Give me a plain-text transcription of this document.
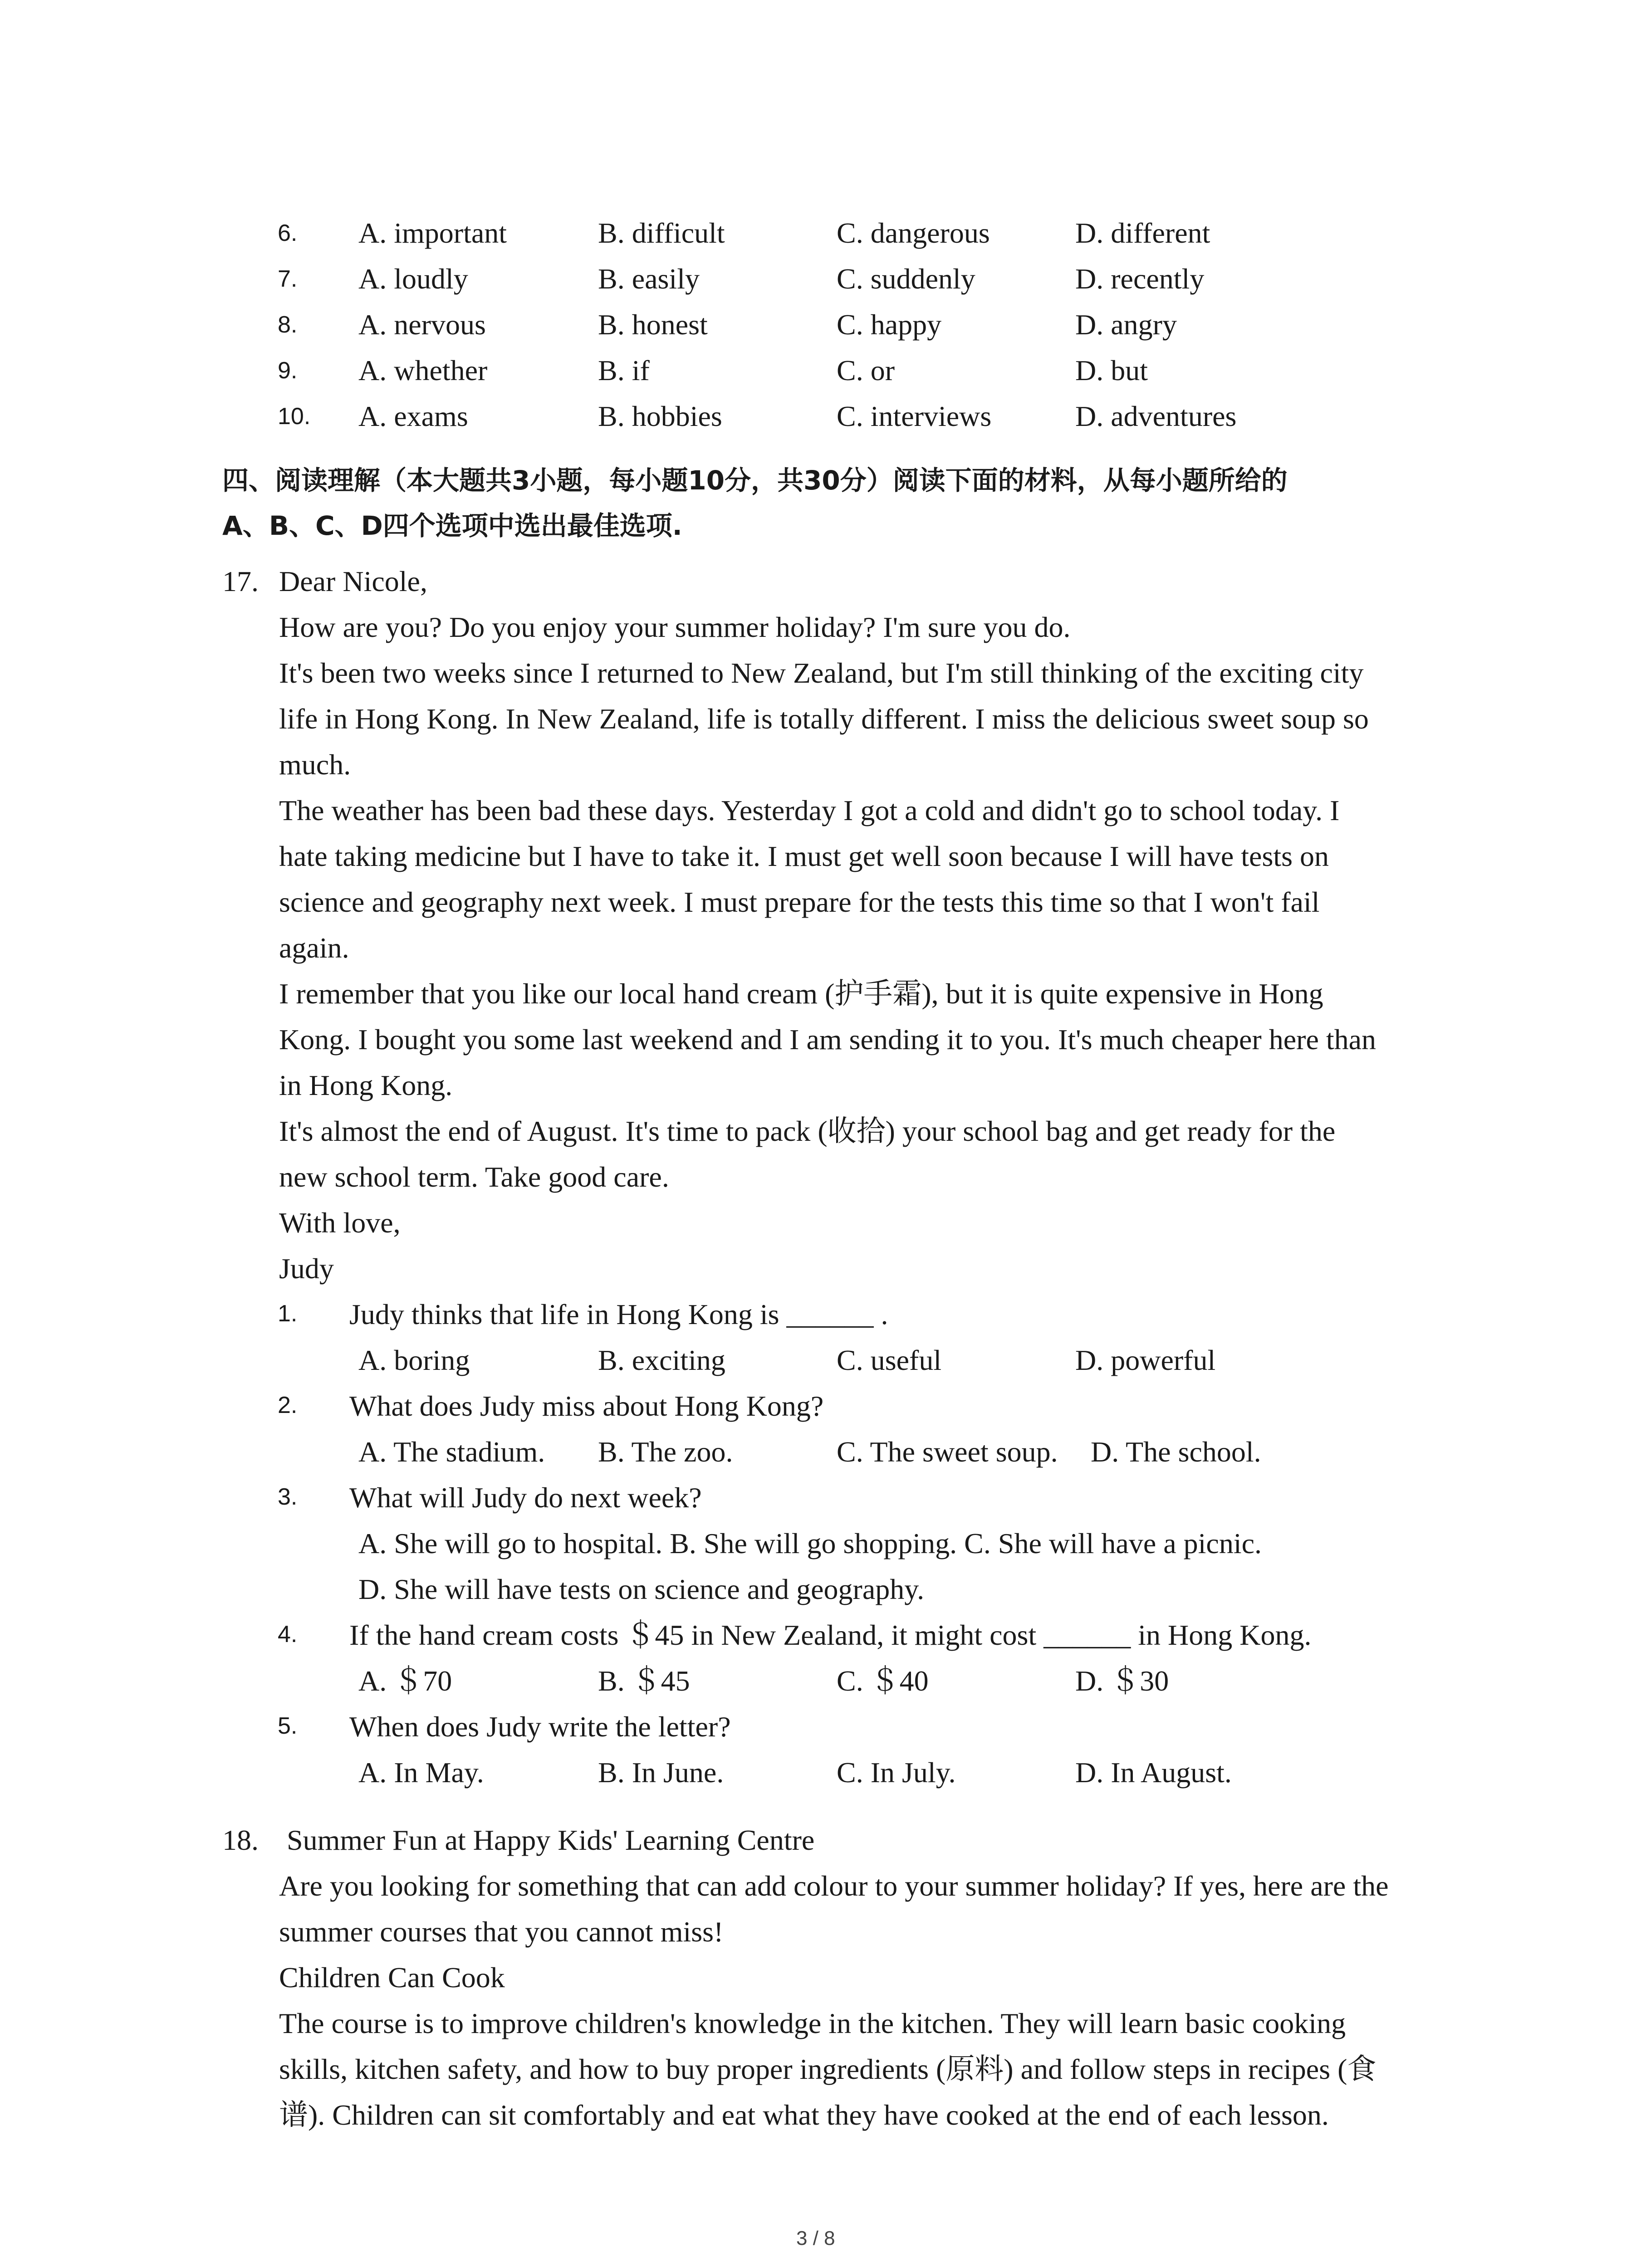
6. A. important	B. difficult	C. dangerous	D. different
7. A. loudly	B. easily	C. suddenly	D. recently
8. A. nervous	B. honest	C. happy	D. angry
9. A. whether	B. if	C. or	D. but
10. A. exams	B. hobbies	C. interviews	D. adventures
四、阅读理解（本大题共3小题，每小题10分，共30分）阅读下面的材料，从每小题所给的
A、B、C、D四个选项中选出最佳选项.
17. Dear Nicole,
How are you? Do you enjoy your summer holiday? I'm sure you do.
It's been two weeks since I returned to New Zealand, but I'm still thinking of the exciting city
life in Hong Kong. In New Zealand, life is totally different. I miss the delicious sweet soup so
much.
The weather has been bad these days. Yesterday I got a cold and didn't go to school today. I
hate taking medicine but I have to take it. I must get well soon because I will have tests on
science and geography next week. I must prepare for the tests this time so that I won't fail
again.
I remember that you like our local hand cream (护手霜), but it is quite expensive in Hong
Kong. I bought you some last weekend and I am sending it to you. It's much cheaper here than
in Hong Kong.
It's almost the end of August. It's time to pack (收拾) your school bag and get ready for the
new school term. Take good care.
With love,
Judy
1. Judy thinks that life in Hong Kong is ______ .
A. boring	B. exciting	C. useful	D. powerful
2. What does Judy miss about Hong Kong?
A. The stadium. B. The zoo.	C. The sweet soup. D. The school.
3. What will Judy do next week?
A. She will go to hospital. B. She will go shopping. C. She will have a picnic.
D. She will have tests on science and geography.
4. If the hand cream costs ＄45 in New Zealand, it might cost ______ in Hong Kong.
A. ＄70	B. ＄45	C. ＄40	D. ＄30
5. When does Judy write the letter?
A. In May.	B. In June.	C. In July.	D. In August.
18. Summer Fun at Happy Kids' Learning Centre
Are you looking for something that can add colour to your summer holiday? If yes, here are the
summer courses that you cannot miss!
Children Can Cook
The course is to improve children's knowledge in the kitchen. They will learn basic cooking
skills, kitchen safety, and how to buy proper ingredients (原料) and follow steps in recipes (食
谱). Children can sit comfortably and eat what they have cooked at the end of each lesson.
3 / 8
